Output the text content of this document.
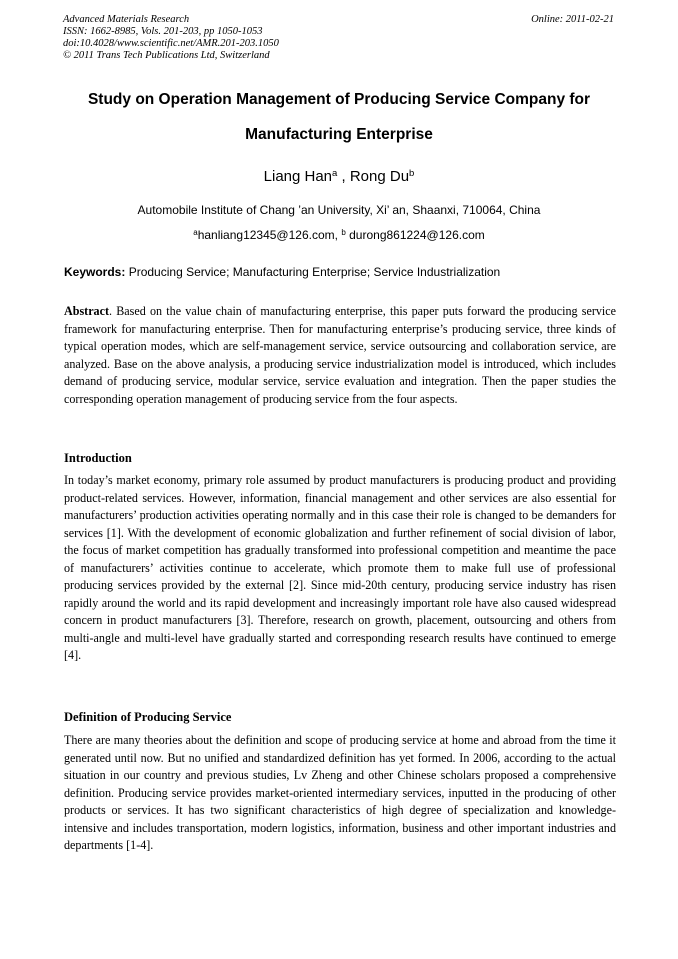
Advanced Materials Research
ISSN: 1662-8985, Vols. 201-203, pp 1050-1053
doi:10.4028/www.scientific.net/AMR.201-203.1050
© 2011 Trans Tech Publications Ltd, Switzerland
Online: 2011-02-21
Study on Operation Management of Producing Service Company for
Manufacturing Enterprise
Liang Han$^a$ , Rong Du$^b$
Automobile Institute of Chang ’an University, Xi’ an, Shaanxi, 710064, China
$^a$hanliang12345@126.com, $^b$ durong861224@126.com
Keywords: Producing Service; Manufacturing Enterprise; Service Industrialization
Abstract. Based on the value chain of manufacturing enterprise, this paper puts forward the producing service framework for manufacturing enterprise. Then for manufacturing enterprise’s producing service, three kinds of typical operation modes, which are self-management service, service outsourcing and collaboration service, are analyzed. Base on the above analysis, a producing service industrialization model is introduced, which includes demand of producing service, modular service, service evaluation and integration. Then the paper studies the corresponding operation management of producing service from the four aspects.
Introduction
In today’s market economy, primary role assumed by product manufacturers is producing product and providing product-related services. However, information, financial management and other services are also essential for manufacturers’ production activities operating normally and in this case their role is changed to be demanders for services [1]. With the development of economic globalization and further refinement of social division of labor, the focus of market competition has gradually transformed into professional competition and meantime the pace of manufacturers’ activities continue to accelerate, which promote them to make full use of professional producing services provided by the external [2]. Since mid-20th century, producing service industry has risen rapidly around the world and its rapid development and increasingly important role have also caused widespread concern in product manufacturers [3]. Therefore, research on growth, placement, outsourcing and others from multi-angle and multi-level have gradually started and corresponding research results have continued to emerge [4].
Definition of Producing Service
There are many theories about the definition and scope of producing service at home and abroad from the time it generated until now. But no unified and standardized definition has yet formed. In 2006, according to the actual situation in our country and previous studies, Lv Zheng and other Chinese scholars proposed a comprehensive definition. Producing service provides market-oriented intermediary services, inputted in the producing of other products or services. It has two significant characteristics of high degree of specialization and knowledge-intensive and includes transportation, modern logistics, information, business and other important industries and departments [1-4].
